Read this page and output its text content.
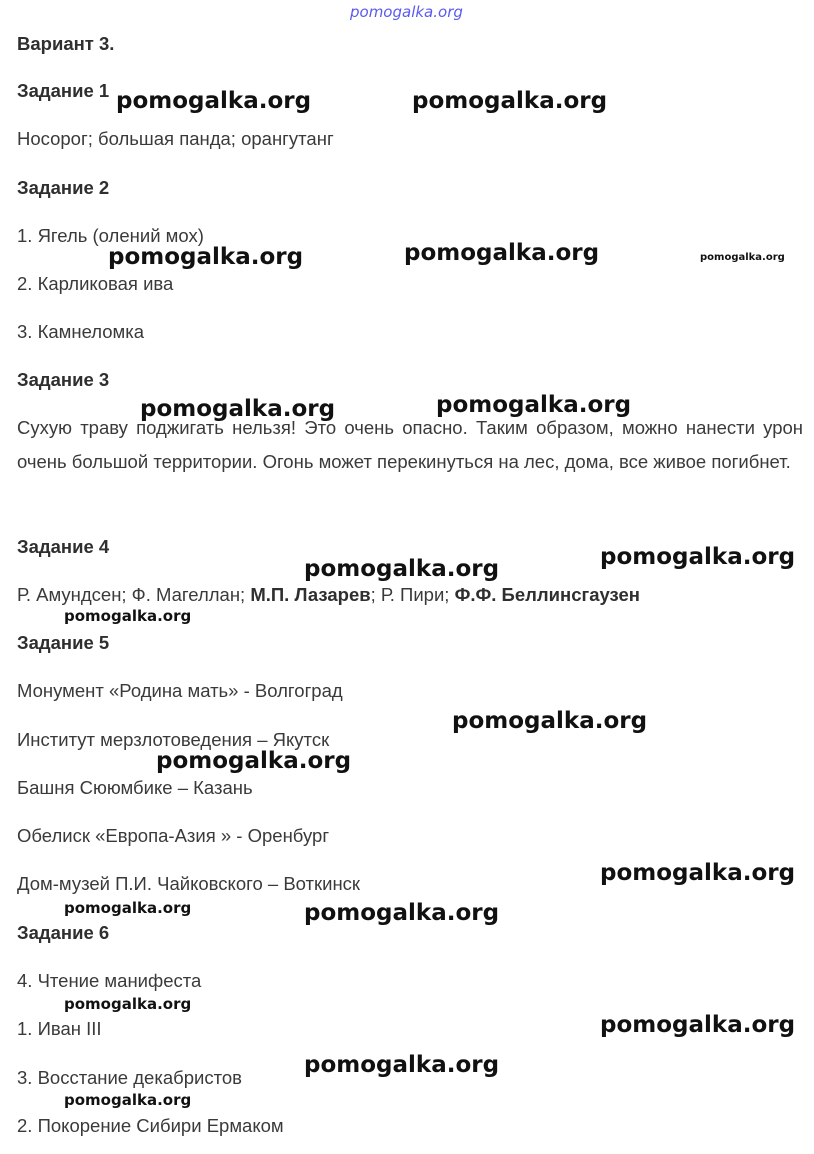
pomogalka.org
Вариант 3.
Задание 1
Носорог; большая панда; орангутанг
Задание 2
1. Ягель (олений мох)
2. Карликовая ива
3. Камнеломка
Задание 3
Сухую траву поджигать нельзя! Это очень опасно. Таким образом, можно нанести урон очень большой территории. Огонь может перекинуться на лес, дома, все живое погибнет.
Задание 4
Р. Амундсен; Ф. Магеллан; М.П. Лазарев; Р. Пири; Ф.Ф. Беллинсгаузен
Задание 5
Монумент «Родина мать» - Волгоград
Институт мерзлотоведения – Якутск
Башня Сююмбике – Казань
Обелиск «Европа-Азия » - Оренбург
Дом-музей П.И. Чайковского – Воткинск
Задание 6
4. Чтение манифеста
1. Иван III
3. Восстание декабристов
2. Покорение Сибири Ермаком
pomogalka.org	pomogalka.org
pomogalka.org	pomogalka.org	pomogalka.org
pomogalka.org	pomogalka.org
pomogalka.org
pomogalka.org
pomogalka.org
pomogalka.org
pomogalka.org
pomogalka.org
pomogalka.org	pomogalka.org
pomogalka.org
pomogalka.org
pomogalka.org
pomogalka.org
